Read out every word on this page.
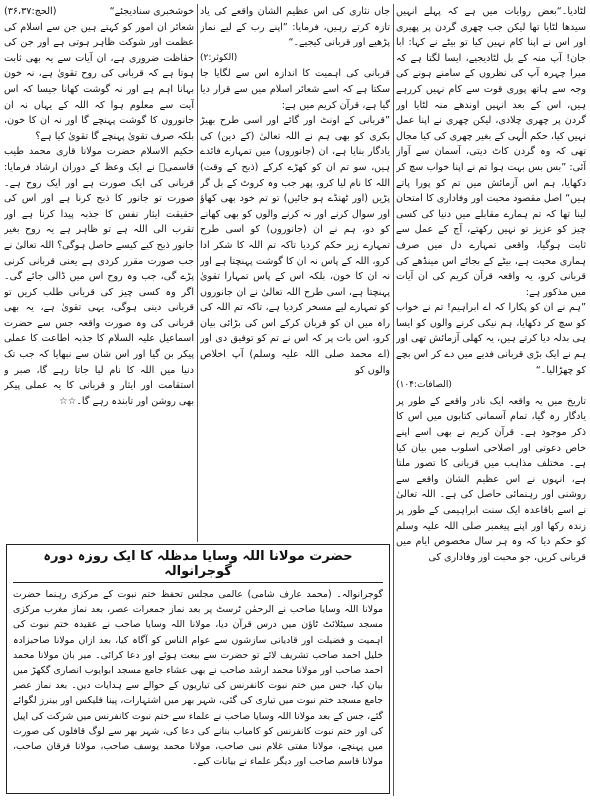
لٹادیا۔“بعض روایات میں ہے کہ پہلے انہیں سیدھا لٹایا تھا لیکن جب چھری گردن پر پھیری اور اس نے اپنا کام نہیں کیا تو بیٹے نے کہا: ابا جان! آپ منہ کے بل لٹادیجیے، ایسا لگتا ہے کہ میرا چہرہ آپ کی نظروں کے سامنے ہونے کی وجہ سے ہاتھ پوری قوت سے کام نہیں کررہے ہیں، اس کے بعد انہیں اوندھے منہ لٹایا اور گردن پر چھری چلادی، لیکن چھری نے اپنا عمل نہیں کیا، حکم الٰہی کے بغیر چھری کی کیا مجال تھی کہ وہ گردن کاٹ دیتی، آسمان سے آواز آئی: ”بس بس بہت ہوا تم نے اپنا خواب سچ کر دکھایا، ہم اس آزمائش میں تم کو پورا پاتے ہیں“ اصل مقصود محبت اور وفاداری کا امتحان لینا تھا کہ تم ہمارے مقابلے میں دنیا کی کسی چیز کو عزیز تو نہیں رکھتے، آج کے عمل سے ثابت ہوگیا، واقعی تمہارے دل میں صرف ہماری محبت ہے، بیٹے کے بجائے اس مینڈھے کی قربانی کرو، یہ واقعہ قرآن کریم کی ان آیات میں مذکور ہے:

”ہم نے ان کو پکارا کہ اے ابراہیم! تم نے خواب کو سچ کر دکھایا، ہم نیکی کرنے والوں کو ایسا ہی بدلہ دیا کرتے ہیں، یہ کھلی آزمائش تھی اور ہم نے ایک بڑی قربانی فدیے میں دے کر اس بچے کو چھڑالیا۔“

(الصافات:۱۰۴)

تاریخ میں یہ واقعہ ایک نادر واقعے کے طور پر یادگار رہ گیا، تمام آسمانی کتابوں میں اس کا ذکر موجود ہے۔ قرآن کریم نے بھی اسے اپنے خاص دعوتی اور اصلاحی اسلوب میں بیان کیا ہے۔ مختلف مذاہب میں قربانی کا تصور ملتا ہے، انہوں نے اس عظیم الشان واقعے سے روشنی اور رہنمائی حاصل کی ہے۔ اللہ تعالیٰ نے اسے باقاعدہ ایک سنت ابراہیمی کے طور پر زندہ رکھا اور اپنے پیغمبر صلی اللہ علیہ وسلم کو حکم دیا کہ وہ ہر سال مخصوص ایام میں قربانی کریں، جو محبت اور وفاداری کی

جاں نثاری کی اس عظیم الشان واقعے کی یاد تازہ کرتے رہیں، فرمایا: ”اپنے رب کے لیے نماز پڑھیے اور قربانی کیجیے۔“

(الکوثر:۲)

قربانی کی اہمیت کا اندازہ اس سے لگایا جا سکتا ہے کہ اسے شعائر اسلام میں سے قرار دیا گیا ہے، قرآن کریم میں ہے:

”قربانی کے اونٹ اور گائے اور اسی طرح بھیڑ بکری کو بھی ہم نے اللہ تعالیٰ (کے دین) کی یادگار بنایا ہے، ان (جانوروں) میں تمہارے فائدے ہیں، سو تم ان کو کھڑے کرکے (ذبح کے وقت) اللہ کا نام لیا کرو، پھر جب وہ کروٹ کے بل گر پڑیں (اور ٹھنڈے ہو جائیں) تو تم خود بھی کھاؤ اور سوال کرنے اور نہ کرنے والوں کو بھی کھانے کو دو، ہم نے ان (جانوروں) کو اسی طرح تمہارے زیر حکم کردیا تاکہ تم اللہ کا شکر ادا کرو، اللہ کے پاس نہ ان کا گوشت پہنچتا ہے اور نہ ان کا خون، بلکہ اس کے پاس تمہارا تقویٰ پہنچتا ہے، اسی طرح اللہ تعالیٰ نے ان جانوروں کو تمہارے لیے مسخر کردیا ہے، تاکہ تم اللہ کی راہ میں ان کو قربان کرکے اس کی بڑائی بیان کرو، اس بات پر کہ اس نے تم کو توفیق دی اور (اے محمد صلی اللہ علیہ وسلم) آپ اخلاص والوں کو

خوشخبری سنادیجئے“
(الحج:۳۶،۳۷)

شعائر ان امور کو کہتے ہیں جن سے اسلام کی عظمت اور شوکت ظاہر ہوتی ہے اور جن کی حفاظت ضروری ہے، ان آیات سے یہ بھی ثابت ہوتا ہے کہ قربانی کی روح تقویٰ ہے، نہ خون بہانا اہم ہے اور نہ گوشت کھانا جیسا کہ اس آیت سے معلوم ہوا کہ اللہ کے یہاں نہ ان جانوروں کا گوشت پہنچے گا اور نہ ان کا خون، بلکہ صرف تقویٰ پہنچے گا تقویٰ کیا ہے؟

حکیم الاسلام حضرت مولانا قاری محمد طیب قاسمیؒ نے ایک وعظ کے دوران ارشاد فرمایا: قربانی کی ایک صورت ہے اور ایک روح ہے۔ صورت تو جانور کا ذبح کرنا ہے اور اس کی حقیقت ایثار نفس کا جذبہ پیدا کرنا ہے اور تقرب الی اللہ ہے تو ظاہر ہے یہ روح بغیر جانور ذبح کیے کیسے حاصل ہوگی؟ اللہ تعالیٰ نے جب صورت مقرر کردی ہے یعنی قربانی کرنی پڑے گی، جب وہ روح اس میں ڈالی جائے گی۔ اگر وہ کسی چیز کی قربانی طلب کریں تو قربانی دینی ہوگی، یہی تقویٰ ہے، یہ بھی قربانی کی وہ صورت واقعہ جس سے حضرت اسماعیل علیہ السلام کا جذبہ اطاعت کا عملی پیکر بن گیا اور اس شان سے نبھایا کہ جب تک دنیا میں اللہ کا نام لیا جاتا رہے گا، صبر و استقامت اور ایثار و قربانی کا یہ عملی پیکر بھی روشن اور تابندہ رہے گا۔☆☆

حضرت مولانا اللہ وسایا مدظلہ کا ایک روزہ دورہ گوجرانوالہ
گوجرانوالہ۔ (محمد عارف شامی) عالمی مجلس تحفظ ختم نبوت کے مرکزی رہنما حضرت مولانا اللہ وسایا صاحب نے الرحمٰن ٹرسٹ پر بعد نماز جمعرات عصر، بعد نماز مغرب مرکزی مسجد سیٹلائٹ ٹاؤن میں درس قرآن دیا، مولانا اللہ وسایا صاحب نے عقیدہ ختم نبوت کی اہمیت و فضیلت اور قادیانی سازشوں سے عوام الناس کو آگاہ کیا، بعد ازاں مولانا صاحبزادہ خلیل احمد صاحب تشریف لائے تو حضرت سے بیعت ہوئے اور دعا کرائی۔ میر بان مولانا محمد احمد صاحب اور مولانا محمد ارشد صاحب نے بھی عشاء جامع مسجد ابوایوب انصاری گکھڑ میں بیان کیا، جس میں ختم نبوت کانفرنس کی تیاریوں کے حوالے سے ہدایات دیں۔ بعد نماز عصر جامع مسجد ختم نبوت میں تیاری کی گئی، شہر بھر میں اشتہارات، پینا فلیکس اور بینرز لگوائے گئے، جس کے بعد مولانا اللہ وسایا صاحب نے علماء سے ختم نبوت کانفرنس میں شرکت کی اپیل کی اور ختم نبوت کانفرنس کو کامیاب بنانے کی دعا کی، شہر بھر سے لوگ قافلوں کی صورت میں پہنچے، مولانا مفتی غلام نبی صاحب، مولانا محمد یوسف صاحب، مولانا فرقان صاحب، مولانا قاسم صاحب اور دیگر علماء نے بیانات کیے۔
